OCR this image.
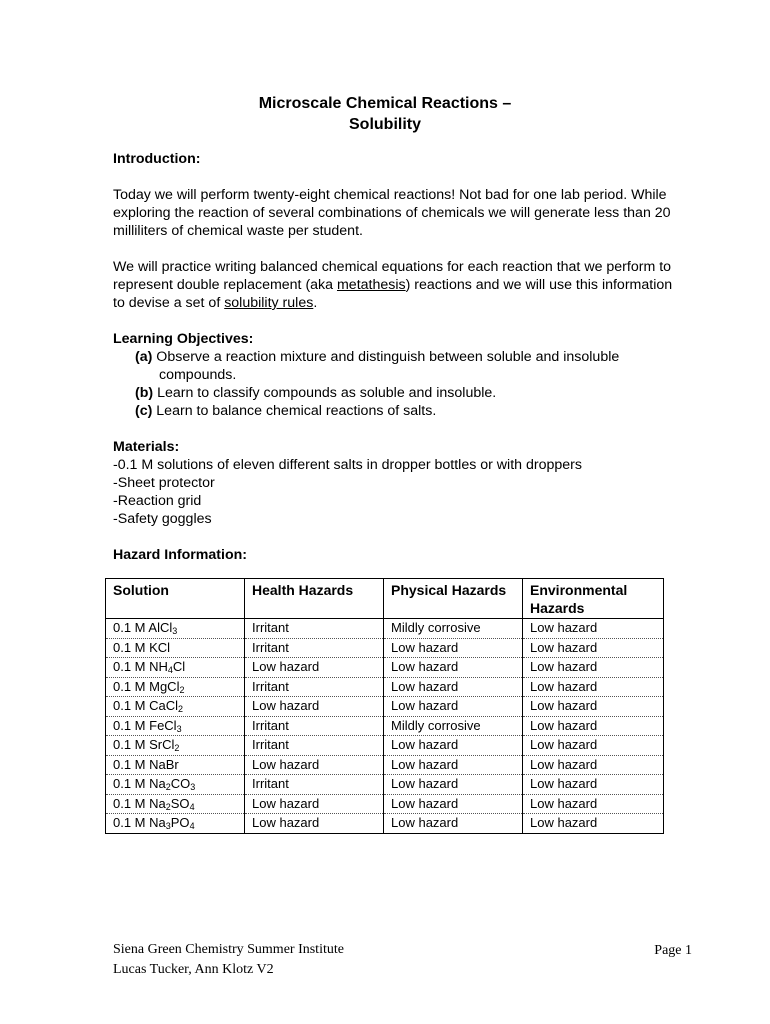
Microscale Chemical Reactions –
Solubility

Introduction:

Today we will perform twenty-eight chemical reactions! Not bad for one lab period. While exploring the reaction of several combinations of chemicals we will generate less than 20 milliliters of chemical waste per student.

We will practice writing balanced chemical equations for each reaction that we perform to represent double replacement (aka metathesis) reactions and we will use this information to devise a set of solubility rules.

Learning Objectives:

(a) Observe a reaction mixture and distinguish between soluble and insoluble
compounds.
(b) Learn to classify compounds as soluble and insoluble.
(c) Learn to balance chemical reactions of salts.

Materials:

-0.1 M solutions of eleven different salts in dropper bottles or with droppers
-Sheet protector
-Reaction grid
-Safety goggles

Hazard Information:

Solution	Health Hazards	Physical Hazards	Environmental Hazards
0.1 M AlCl$_3$	Irritant	Mildly corrosive	Low hazard
0.1 M KCl	Irritant	Low hazard	Low hazard
0.1 M $NH_4Cl$	Low hazard	Low hazard	Low hazard
0.1 M MgCl$_2$	Irritant	Low hazard	Low hazard
0.1 M CaCl$_2$	Low hazard	Low hazard	Low hazard
0.1 M FeCl$_3$	Irritant	Mildly corrosive	Low hazard
0.1 M SrCl$_2$	Irritant	Low hazard	Low hazard
0.1 M NaBr	Low hazard	Low hazard	Low hazard
0.1 M $Na_2CO_3$	Irritant	Low hazard	Low hazard
0.1 M $Na_2SO_4$	Low hazard	Low hazard	Low hazard
0.1 M $Na_3PO_4$	Low hazard	Low hazard	Low hazard
Siena Green Chemistry Summer Institute
Lucas Tucker, Ann Klotz V2
Page 1
